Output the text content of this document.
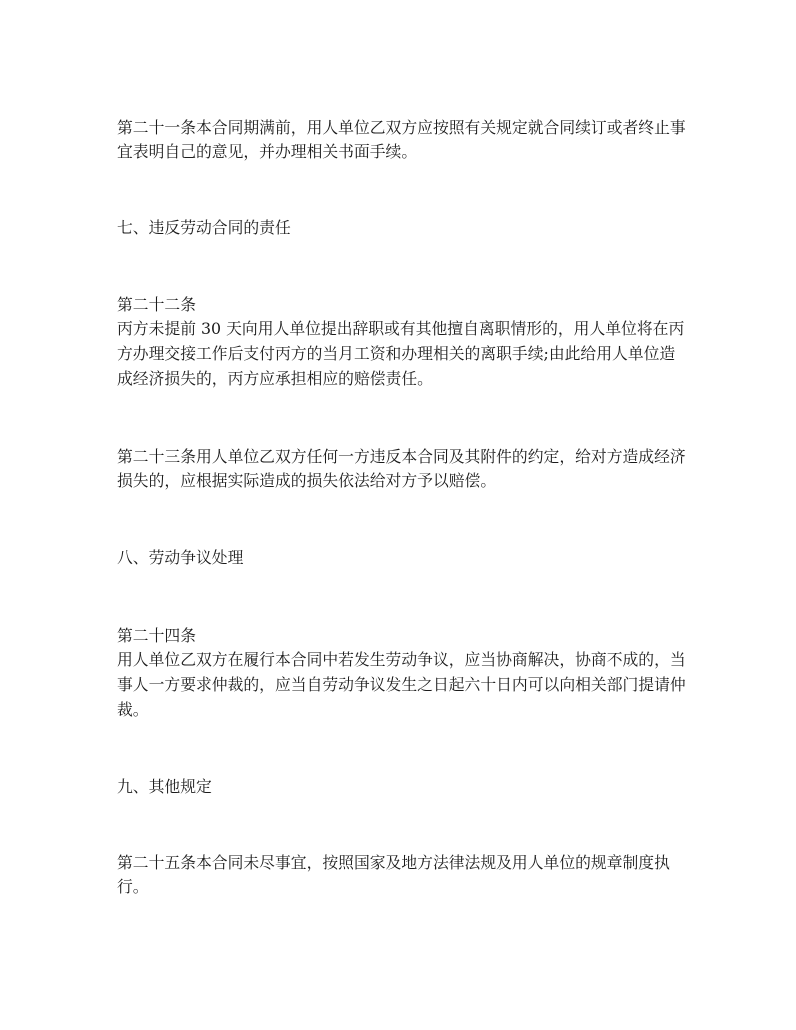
第二十一条本合同期满前，用人单位乙双方应按照有关规定就合同续订或者终止事
宜表明自己的意见，并办理相关书面手续。
七、违反劳动合同的责任
第二十二条
丙方未提前 30 天向用人单位提出辞职或有其他擅自离职情形的，用人单位将在丙
方办理交接工作后支付丙方的当月工资和办理相关的离职手续;由此给用人单位造
成经济损失的，丙方应承担相应的赔偿责任。
第二十三条用人单位乙双方任何一方违反本合同及其附件的约定，给对方造成经济
损失的，应根据实际造成的损失依法给对方予以赔偿。
八、劳动争议处理
第二十四条
用人单位乙双方在履行本合同中若发生劳动争议，应当协商解决，协商不成的，当
事人一方要求仲裁的，应当自劳动争议发生之日起六十日内可以向相关部门提请仲
裁。
九、其他规定
第二十五条本合同未尽事宜，按照国家及地方法律法规及用人单位的规章制度执
行。
